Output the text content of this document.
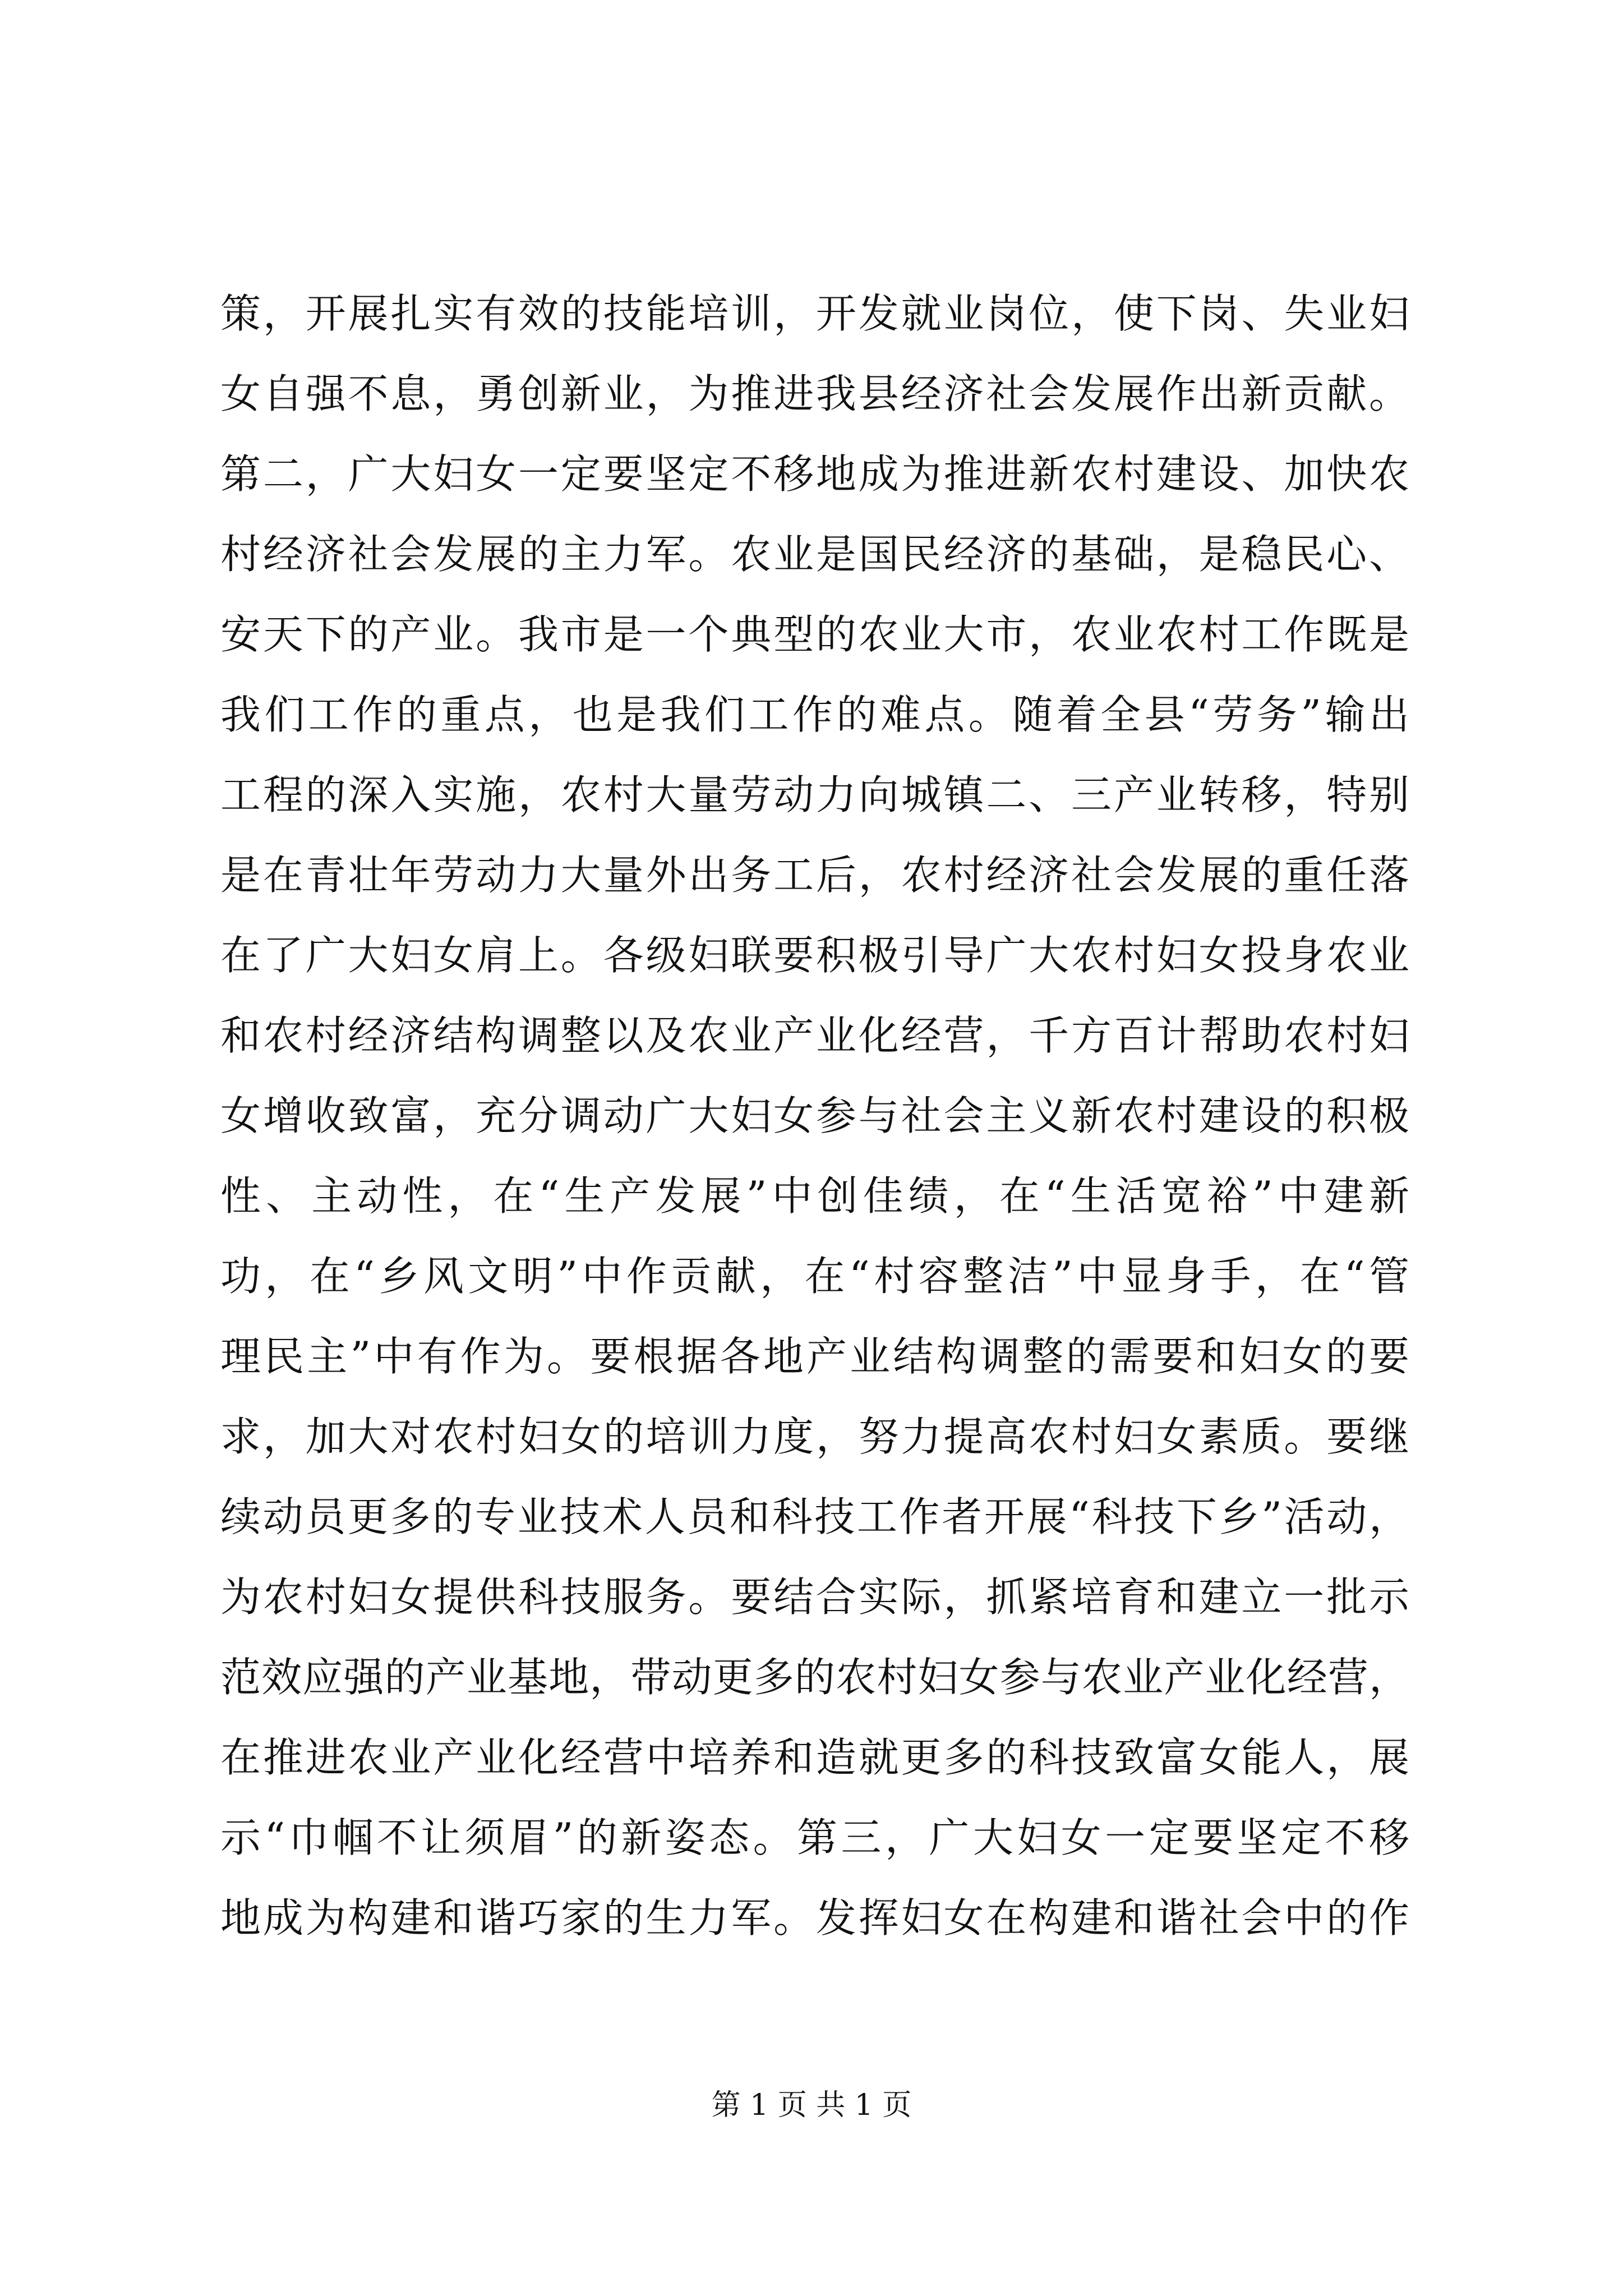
策，开展扎实有效的技能培训，开发就业岗位，使下岗、失业妇
女自强不息，勇创新业，为推进我县经济社会发展作出新贡献。
第二，广大妇女一定要坚定不移地成为推进新农村建设、加快农
村经济社会发展的主力军。农业是国民经济的基础，是稳民心、
安天下的产业。我市是一个典型的农业大市，农业农村工作既是
我们工作的重点，也是我们工作的难点。随着全县“劳务”输出
工程的深入实施，农村大量劳动力向城镇二、三产业转移，特别
是在青壮年劳动力大量外出务工后，农村经济社会发展的重任落
在了广大妇女肩上。各级妇联要积极引导广大农村妇女投身农业
和农村经济结构调整以及农业产业化经营，千方百计帮助农村妇
女增收致富，充分调动广大妇女参与社会主义新农村建设的积极
性、主动性，在“生产发展”中创佳绩，在“生活宽裕”中建新
功，在“乡风文明”中作贡献，在“村容整洁”中显身手，在“管
理民主”中有作为。要根据各地产业结构调整的需要和妇女的要
求，加大对农村妇女的培训力度，努力提高农村妇女素质。要继
续动员更多的专业技术人员和科技工作者开展“科技下乡”活动，
为农村妇女提供科技服务。要结合实际，抓紧培育和建立一批示
范效应强的产业基地，带动更多的农村妇女参与农业产业化经营，
在推进农业产业化经营中培养和造就更多的科技致富女能人，展
示“巾帼不让须眉”的新姿态。第三，广大妇女一定要坚定不移
地成为构建和谐巧家的生力军。发挥妇女在构建和谐社会中的作
第 1 页 共 1 页
